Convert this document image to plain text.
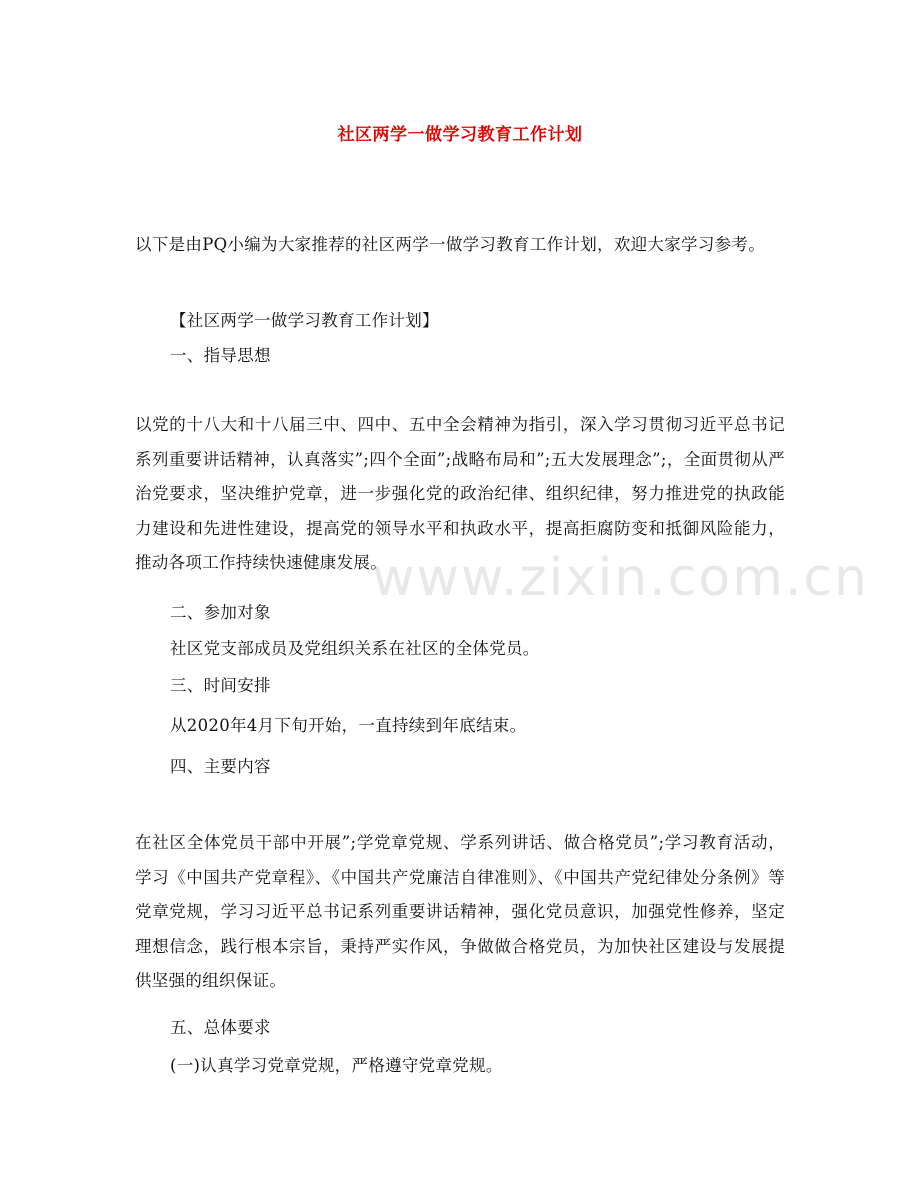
www.zixin.com.cn
社区两学一做学习教育工作计划
以下是由PQ小编为大家推荐的社区两学一做学习教育工作计划，欢迎大家学习参考。
【社区两学一做学习教育工作计划】
一、指导思想
以党的十八大和十八届三中、四中、五中全会精神为指引，深入学习贯彻习近平总书记系列重要讲话精神，认真落实”;四个全面”;战略布局和”;五大发展理念”;，全面贯彻从严治党要求，坚决维护党章，进一步强化党的政治纪律、组织纪律，努力推进党的执政能力建设和先进性建设，提高党的领导水平和执政水平，提高拒腐防变和抵御风险能力，推动各项工作持续快速健康发展。
二、参加对象
社区党支部成员及党组织关系在社区的全体党员。
三、时间安排
从2020年4月下旬开始，一直持续到年底结束。
四、主要内容
在社区全体党员干部中开展”;学党章党规、学系列讲话、做合格党员”;学习教育活动，学习《中国共产党章程》、《中国共产党廉洁自律准则》、《中国共产党纪律处分条例》等党章党规，学习习近平总书记系列重要讲话精神，强化党员意识，加强党性修养，坚定理想信念，践行根本宗旨，秉持严实作风，争做做合格党员，为加快社区建设与发展提供坚强的组织保证。
五、总体要求
(一)认真学习党章党规，严格遵守党章党规。
